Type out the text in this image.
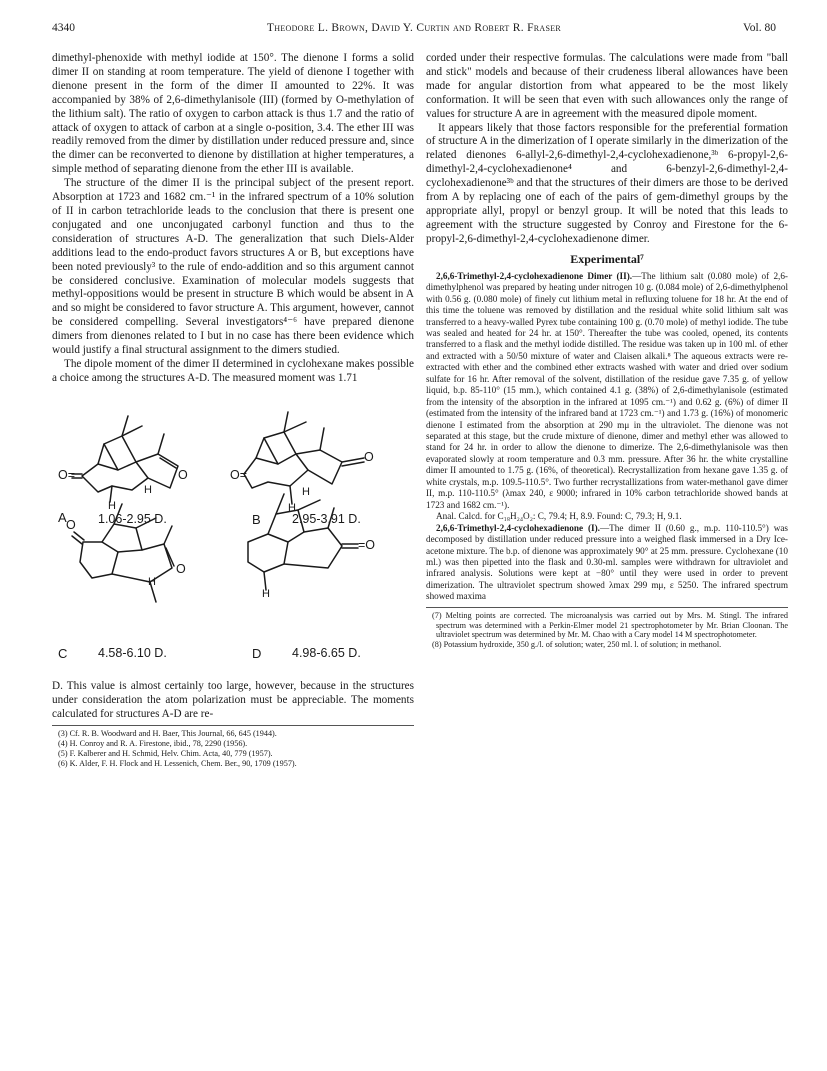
4340	Theodore L. Brown, David Y. Curtin and Robert R. Fraser	Vol. 80

dimethyl-phenoxide with methyl iodide at 150°. The dienone I forms a solid dimer II on standing at room temperature. The yield of dienone I together with dienone present in the form of the dimer II amounted to 22%. It was accompanied by 38% of 2,6-dimethylanisole (III) (formed by O-methylation of the lithium salt). The ratio of oxygen to carbon attack is thus 1.7 and the ratio of attack of oxygen to attack of carbon at a single o-position, 3.4. The ether III was readily removed from the dimer by distillation under reduced pressure and, since the dimer can be reconverted to dienone by distillation at higher temperatures, a simple method of separating dienone from the ether III is available.

The structure of the dimer II is the principal subject of the present report. Absorption at 1723 and 1682 cm.⁻¹ in the infrared spectrum of a 10% solution of II in carbon tetrachloride leads to the conclusion that there is present one conjugated and one unconjugated carbonyl function and thus to the consideration of structures A-D. The generalization that such Diels-Alder additions lead to the endo-product favors structures A or B, but exceptions have been noted previously³ to the rule of endo-addition and so this argument cannot be considered conclusive. Examination of molecular models suggests that methyl-oppositions would be present in structure B which would be absent in A and so might be considered to favor structure A. This argument, however, cannot be considered compelling. Several investigators⁴⁻⁶ have prepared dienone dimers from dienones related to I but in no case has there been evidence which would justify a final structural assignment to the dimers studied.

The dipole moment of the dimer II determined in cyclohexane makes possible a choice among the structures A-D. The measured moment was 1.71

O=
H
H
O	O=
H
H
O
O
H
O
H
=O
A	1.06-2.95 D.	B	2.95-3.91 D.
C 4.58-6.10 D.	D 4.98-6.65 D.

D. This value is almost certainly too large, however, because in the structures under consideration the atom polarization must be appreciable. The moments calculated for structures A-D are re-

(3) Cf. R. B. Woodward and H. Baer, This Journal, 66, 645 (1944).

(4) H. Conroy and R. A. Firestone, ibid., 78, 2290 (1956).

(5) F. Kalberer and H. Schmid, Helv. Chim. Acta, 40, 779 (1957).

(6) K. Alder, F. H. Flock and H. Lessenich, Chem. Ber., 90, 1709 (1957).

corded under their respective formulas. The calculations were made from "ball and stick" models and because of their crudeness liberal allowances have been made for angular distortion from what appeared to be the most likely conformation. It will be seen that even with such allowances only the range of values for structure A are in agreement with the measured dipole moment.

It appears likely that those factors responsible for the preferential formation of structure A in the dimerization of I operate similarly in the dimerization of the related dienones 6-allyl-2,6-dimethyl-2,4-cyclohexadienone,³ᵇ 6-propyl-2,6-dimethyl-2,4-cyclohexadienone⁴ and 6-benzyl-2,6-dimethyl-2,4-cyclohexadienone³ᵇ and that the structures of their dimers are those to be derived from A by replacing one of each of the pairs of gem-dimethyl groups by the appropriate allyl, propyl or benzyl group. It will be noted that this leads to agreement with the structure suggested by Conroy and Firestone for the 6-propyl-2,6-dimethyl-2,4-cyclohexadienone dimer.

Experimental⁷

2,6,6-Trimethyl-2,4-cyclohexadienone Dimer (II).—The lithium salt (0.080 mole) of 2,6-dimethylphenol was prepared by heating under nitrogen 10 g. (0.084 mole) of 2,6-dimethylphenol with 0.56 g. (0.080 mole) of finely cut lithium metal in refluxing toluene for 18 hr. At the end of this time the toluene was removed by distillation and the residual white solid lithium salt was transferred to a heavy-walled Pyrex tube containing 100 g. (0.70 mole) of methyl iodide. The tube was sealed and heated for 24 hr. at 150°. Thereafter the tube was cooled, opened, its contents transferred to a flask and the methyl iodide distilled. The residue was taken up in 100 ml. of ether and extracted with a 50/50 mixture of water and Claisen alkali.⁸ The aqueous extracts were re-extracted with ether and the combined ether extracts washed with water and dried over sodium sulfate for 16 hr. After removal of the solvent, distillation of the residue gave 7.35 g. of yellow liquid, b.p. 85-110° (15 mm.), which contained 4.1 g. (38%) of 2,6-dimethylanisole (estimated from the intensity of the absorption in the infrared at 1095 cm.⁻¹) and 0.62 g. (6%) of dimer II (estimated from the intensity of the infrared band at 1723 cm.⁻¹) and 1.73 g. (16%) of monomeric dienone I estimated from the absorption at 290 mμ in the ultraviolet. The dienone was not separated at this stage, but the crude mixture of dienone, dimer and methyl ether was allowed to stand for 24 hr. in order to allow the dienone to dimerize. The 2,6-dimethylanisole was then evaporated slowly at room temperature and 0.3 mm. pressure. After 36 hr. the white crystalline dimer II amounted to 1.75 g. (16%, of theoretical). Recrystallization from hexane gave 1.35 g. of white crystals, m.p. 109.5-110.5°. Two further recrystallizations from water-methanol gave dimer II, m.p. 110-110.5° (λmax 240, ε 9000; infrared in 10% carbon tetrachloride showed bands at 1723 and 1682 cm.⁻¹).

Anal. Calcd. for C₁₈H₂₄O₂: C, 79.4; H, 8.9. Found: C, 79.3; H, 9.1.

2,6,6-Trimethyl-2,4-cyclohexadienone (I).—The dimer II (0.60 g., m.p. 110-110.5°) was decomposed by distillation under reduced pressure into a weighed flask immersed in a Dry Ice-acetone mixture. The b.p. of dienone was approximately 90° at 25 mm. pressure. Cyclohexane (10 ml.) was then pipetted into the flask and 0.30-ml. samples were withdrawn for ultraviolet and infrared analysis. Solutions were kept at −80° until they were used in order to prevent dimerization. The ultraviolet spectrum showed λmax 299 mμ, ε 5250. The infrared spectrum showed maxima

(7) Melting points are corrected. The microanalysis was carried out by Mrs. M. Stingl. The infrared spectrum was determined with a Perkin-Elmer model 21 spectrophotometer by Mr. Brian Cloonan. The ultraviolet spectrum was determined by Mr. M. Chao with a Cary model 14 M spectrophotometer.

(8) Potassium hydroxide, 350 g./l. of solution; water, 250 ml. l. of solution; in methanol.
